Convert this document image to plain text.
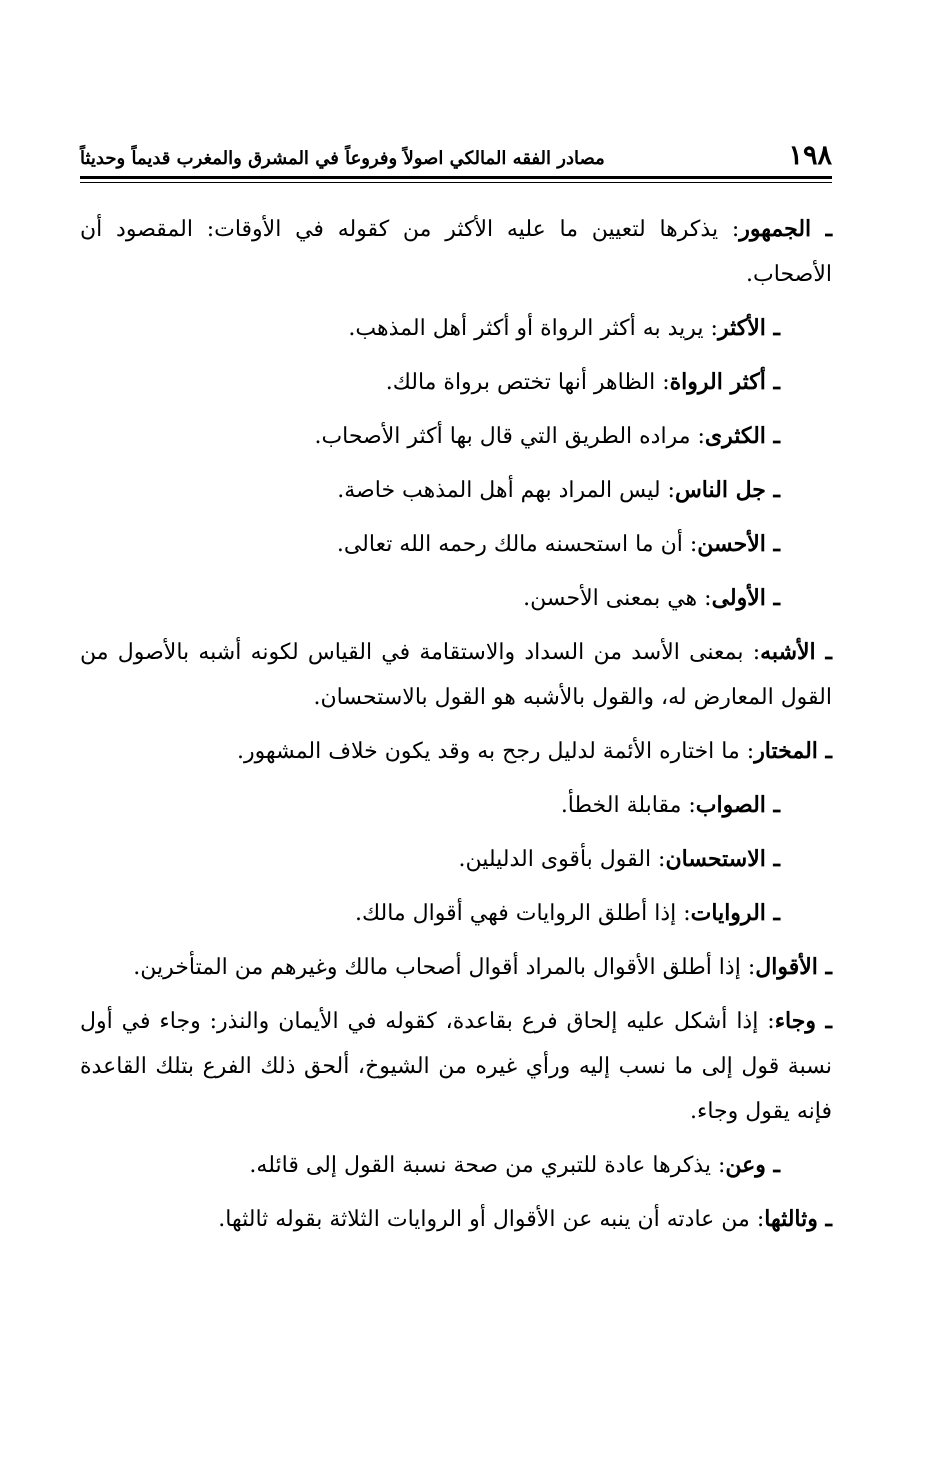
١٩٨
مصادر الفقه المالكي اصولاً وفروعاً في المشرق والمغرب قديماً وحديثاً

ـ الجمهور: يذكرها لتعيين ما عليه الأكثر من كقوله في الأوقات: المقصود أن الأصحاب.

ـ الأكثر: يريد به أكثر الرواة أو أكثر أهل المذهب.

ـ أكثر الرواة: الظاهر أنها تختص برواة مالك.

ـ الكثرى: مراده الطريق التي قال بها أكثر الأصحاب.

ـ جل الناس: ليس المراد بهم أهل المذهب خاصة.

ـ الأحسن: أن ما استحسنه مالك رحمه الله تعالى.

ـ الأولى: هي بمعنى الأحسن.

ـ الأشبه: بمعنى الأسد من السداد والاستقامة في القياس لكونه أشبه بالأصول من القول المعارض له، والقول بالأشبه هو القول بالاستحسان.

ـ المختار: ما اختاره الأئمة لدليل رجح به وقد يكون خلاف المشهور.

ـ الصواب: مقابلة الخطأ.

ـ الاستحسان: القول بأقوى الدليلين.

ـ الروايات: إذا أطلق الروايات فهي أقوال مالك.

ـ الأقوال: إذا أطلق الأقوال بالمراد أقوال أصحاب مالك وغيرهم من المتأخرين.

ـ وجاء: إذا أشكل عليه إلحاق فرع بقاعدة، كقوله في الأيمان والنذر: وجاء في أول نسبة قول إلى ما نسب إليه ورأي غيره من الشيوخ، ألحق ذلك الفرع بتلك القاعدة فإنه يقول وجاء.

ـ وعن: يذكرها عادة للتبري من صحة نسبة القول إلى قائله.

ـ وثالثها: من عادته أن ينبه عن الأقوال أو الروايات الثلاثة بقوله ثالثها.
